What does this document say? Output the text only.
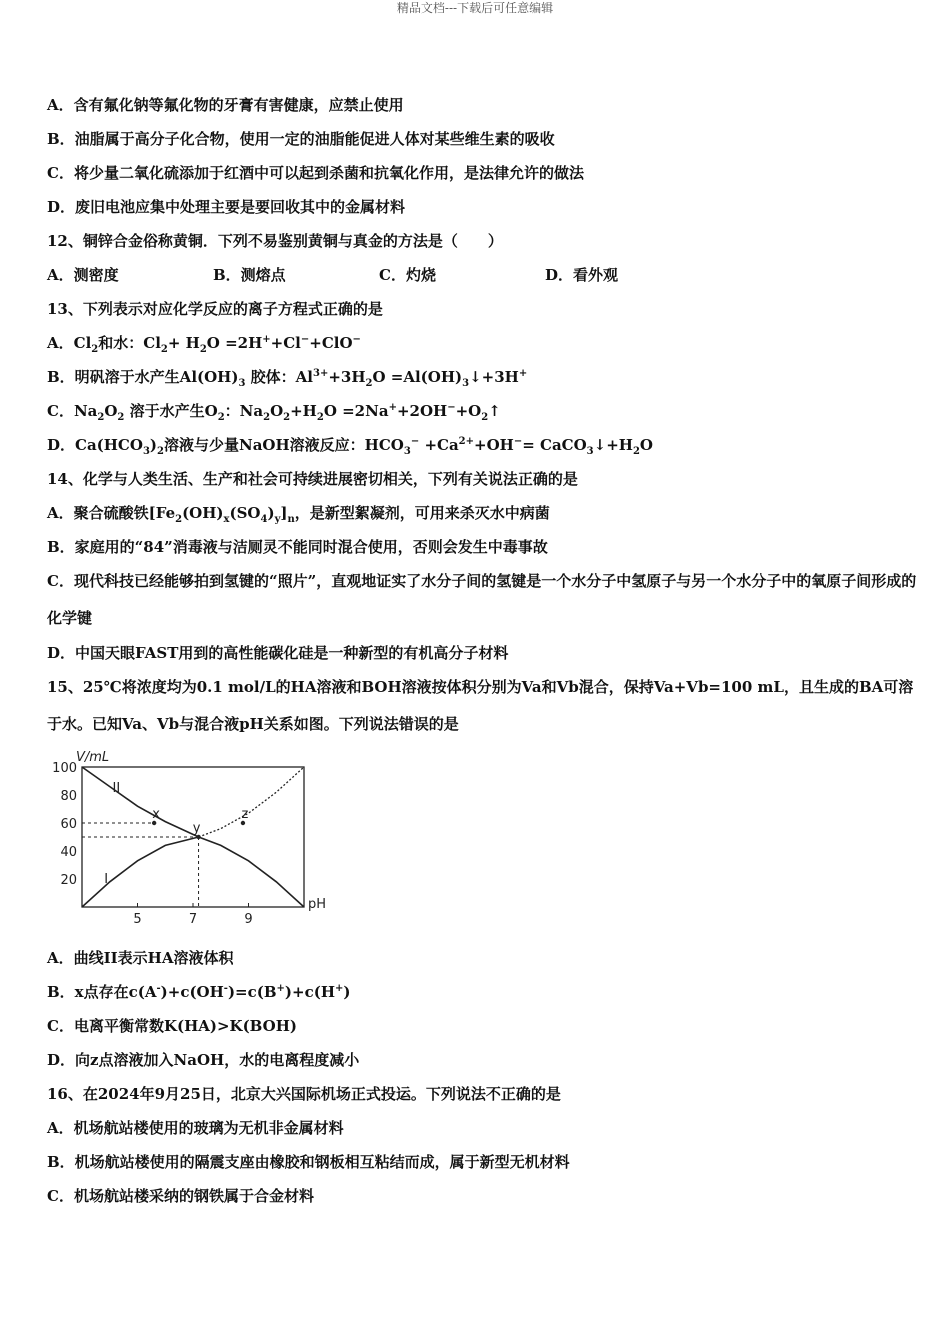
精品文档---下载后可任意编辑
A．含有氟化钠等氟化物的牙膏有害健康，应禁止使用
B．油脂属于高分子化合物，使用一定的油脂能促进人体对某些维生素的吸收
C．将少量二氧化硫添加于红酒中可以起到杀菌和抗氧化作用，是法律允许的做法
D．废旧电池应集中处理主要是要回收其中的金属材料
12、铜锌合金俗称黄铜．下列不易鉴别黄铜与真金的方法是（　　）
A．测密度	B．测熔点	C．灼烧	D．看外观
13、下列表示对应化学反应的离子方程式正确的是
A．$Cl_2$和水：$Cl_2+ H_2O =2H^++Cl^-+ClO^-$
B．明矾溶于水产生$Al(OH)_3$ 胶体：$Al^{3+}+3H_2O$ $=Al(OH)_3↓+3H^+$
C．$Na_2O_2$ 溶于水产生$O_2$：$Na_2O_2+H_2O$ $=2Na^++2OH^-+O_2↑$
D．$Ca(HCO_3)_2$溶液与少量NaOH溶液反应：$HCO_3^- +Ca^{2+}+OH^-=$ $CaCO_3↓+H_2O$
14、化学与人类生活、生产和社会可持续进展密切相关，下列有关说法正确的是
A．聚合硫酸铁$[Fe_2(OH)_x(SO_4)_y]_n$，是新型絮凝剂，可用来杀灭水中病菌
B．家庭用的“84”消毒液与洁厕灵不能同时混合使用，否则会发生中毒事故
C．现代科技已经能够拍到氢键的“照片”，直观地证实了水分子间的氢键是一个水分子中氢原子与另一个水分子中的氧原子间形成的化学键
D．中国天眼FAST用到的高性能碳化硅是一种新型的有机高分子材料
15、25℃将浓度均为0.1 mol/L的HA溶液和BOH溶液按体积分别为Va和Vb混合，保持Va+Vb=100 mL，且生成的BA可溶于水。已知Va、Vb与混合液pH关系如图。下列说法错误的是
100
80
60
40
20
5	7	9
V/mL
pH
II
I
x
y
z
A．曲线II表示HA溶液体积
B．x点存在c(A-)+c(OH-)=c(B+)+c(H+)
C．电离平衡常数K(HA)>K(BOH)
D．向z点溶液加入NaOH，水的电离程度减小
16、在2024年9月25日，北京大兴国际机场正式投运。下列说法不正确的是
A．机场航站楼使用的玻璃为无机非金属材料
B．机场航站楼使用的隔震支座由橡胶和钢板相互粘结而成，属于新型无机材料
C．机场航站楼采纳的钢铁属于合金材料
